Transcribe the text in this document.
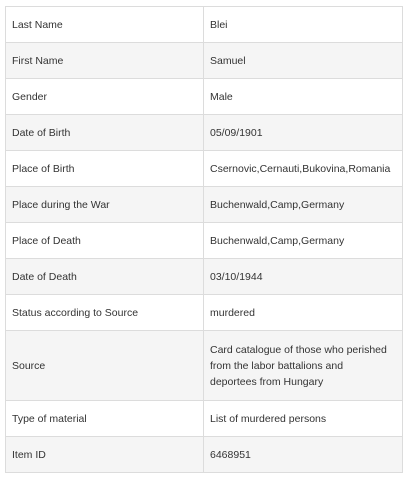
Last Name	Blei
First Name	Samuel
Gender	Male
Date of Birth	05/09/1901
Place of Birth	Csernovic,Cernauti,Bukovina,Romania
Place during the War	Buchenwald,Camp,Germany
Place of Death	Buchenwald,Camp,Germany
Date of Death	03/10/1944
Status according to Source	murdered
Source	Card catalogue of those who perished
from the labor battalions and
deportees from Hungary

Type of material	List of murdered persons
Item ID	6468951
